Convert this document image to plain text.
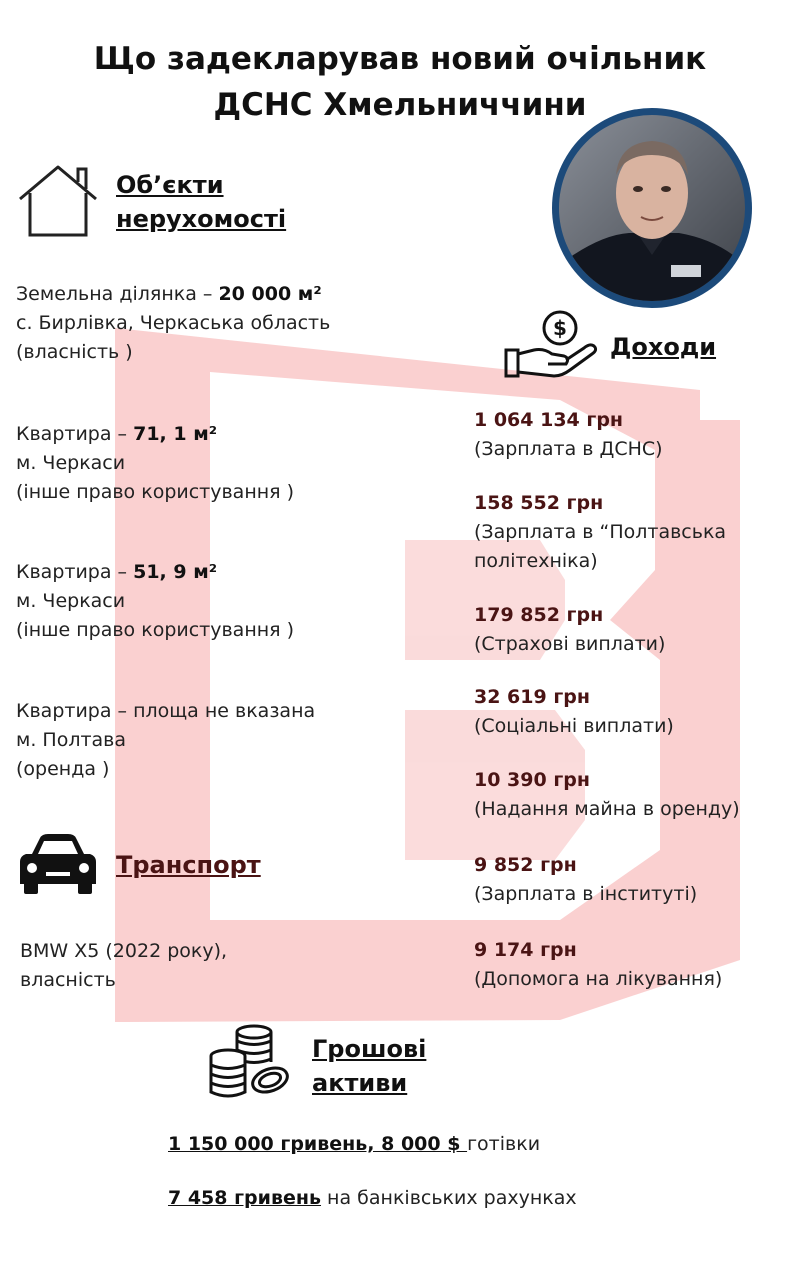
Що задекларував новий очільник
ДСНС Хмельниччини
Об’єкти
нерухомості
Земельна ділянка – 20 000 м²
с. Бирлівка, Черкаська область
(власність )
Квартира – 71, 1 м²
м. Черкаси
(інше право користування )
Квартира – 51, 9 м²
м. Черкаси
(інше право користування )
Квартира – площа не вказана
м. Полтава
(оренда )
Транспорт
BMW X5 (2022 року),
власність
$
Доходи
1 064 134 грн
(Зарплата в ДСНС)
158 552 грн
(Зарплата в “Полтавська
політехніка)
179 852 грн
(Страхові виплати)
32 619 грн
(Соціальні виплати)
10 390 грн
(Надання майна в оренду)
9 852 грн
(Зарплата в інституті)
9 174 грн
(Допомога на лікування)
Грошові
активи
1 150 000 гривень, 8 000 $ готівки
7 458 гривень на банківських рахунках
